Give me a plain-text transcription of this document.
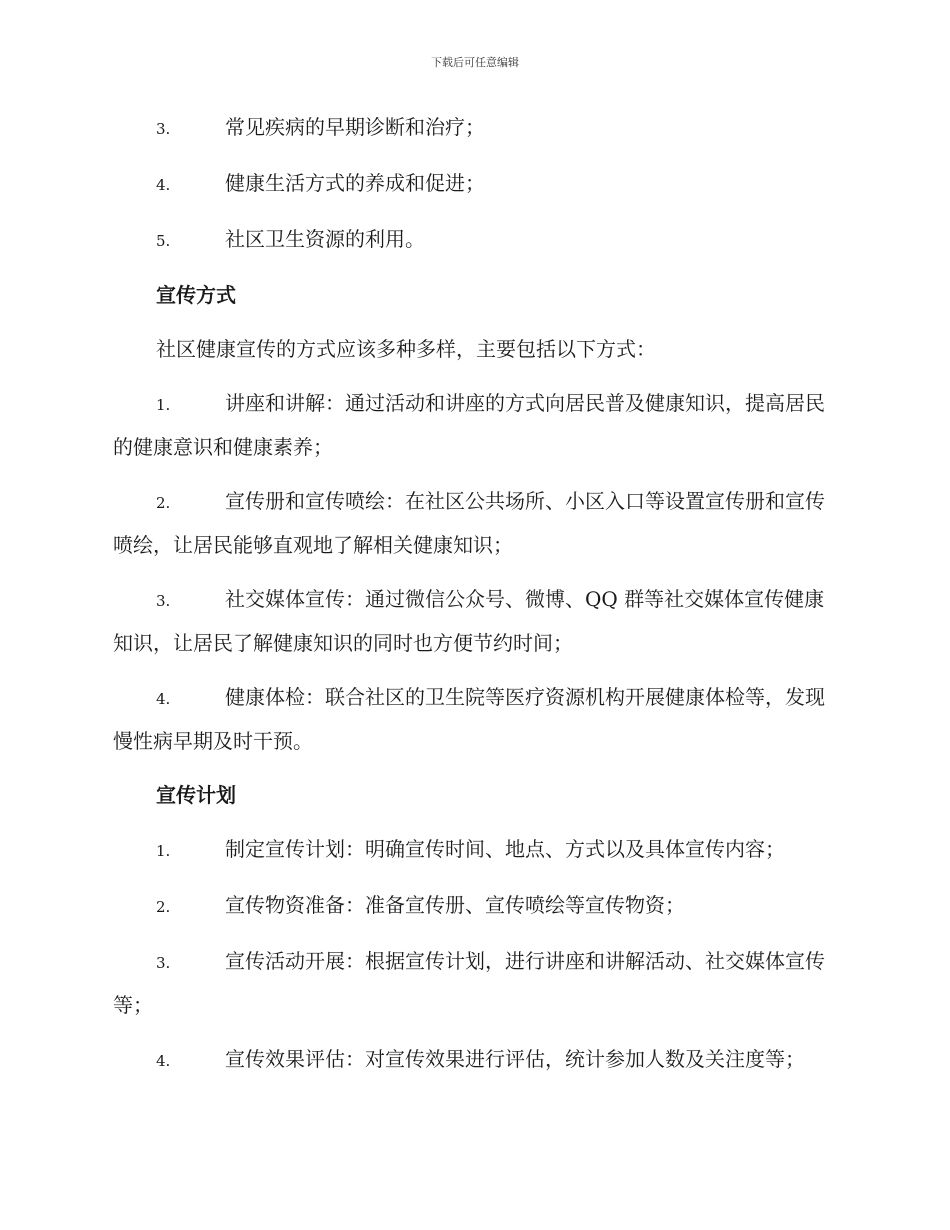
下载后可任意编辑
3.	常见疾病的早期诊断和治疗；
4.	健康生活方式的养成和促进；
5.	社区卫生资源的利用。
宣传方式
社区健康宣传的方式应该多种多样，主要包括以下方式：
1.	讲座和讲解：通过活动和讲座的方式向居民普及健康知识，提高居民的健康意识和健康素养；
2.	宣传册和宣传喷绘：在社区公共场所、小区入口等设置宣传册和宣传喷绘，让居民能够直观地了解相关健康知识；
3.	社交媒体宣传：通过微信公众号、微博、QQ 群等社交媒体宣传健康知识，让居民了解健康知识的同时也方便节约时间；
4.	健康体检：联合社区的卫生院等医疗资源机构开展健康体检等，发现慢性病早期及时干预。
宣传计划
1.	制定宣传计划：明确宣传时间、地点、方式以及具体宣传内容；
2.	宣传物资准备：准备宣传册、宣传喷绘等宣传物资；
3.	宣传活动开展：根据宣传计划，进行讲座和讲解活动、社交媒体宣传等；
4.	宣传效果评估：对宣传效果进行评估，统计参加人数及关注度等；
